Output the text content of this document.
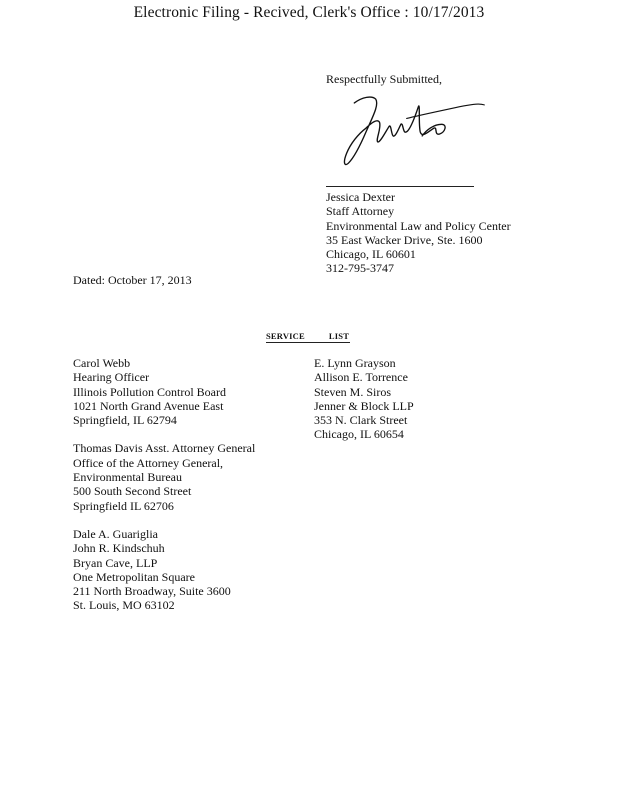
Electronic Filing - Recived, Clerk's Office : 10/17/2013
Respectfully Submitted,
Jessica Dexter
Staff Attorney
Environmental Law and Policy Center
35 East Wacker Drive, Ste. 1600
Chicago, IL 60601
312-795-3747
Dated: October 17, 2013
SERVICE	LIST
Carol Webb
Hearing Officer
Illinois Pollution Control Board
1021 North Grand Avenue East
Springfield, IL 62794
Thomas Davis Asst. Attorney General
Office of the Attorney General,
Environmental Bureau
500 South Second Street
Springfield IL 62706
Dale A. Guariglia
John R. Kindschuh
Bryan Cave, LLP
One Metropolitan Square
211 North Broadway, Suite 3600
St. Louis, MO 63102
E. Lynn Grayson
Allison E. Torrence
Steven M. Siros
Jenner & Block LLP
353 N. Clark Street
Chicago, IL 60654
